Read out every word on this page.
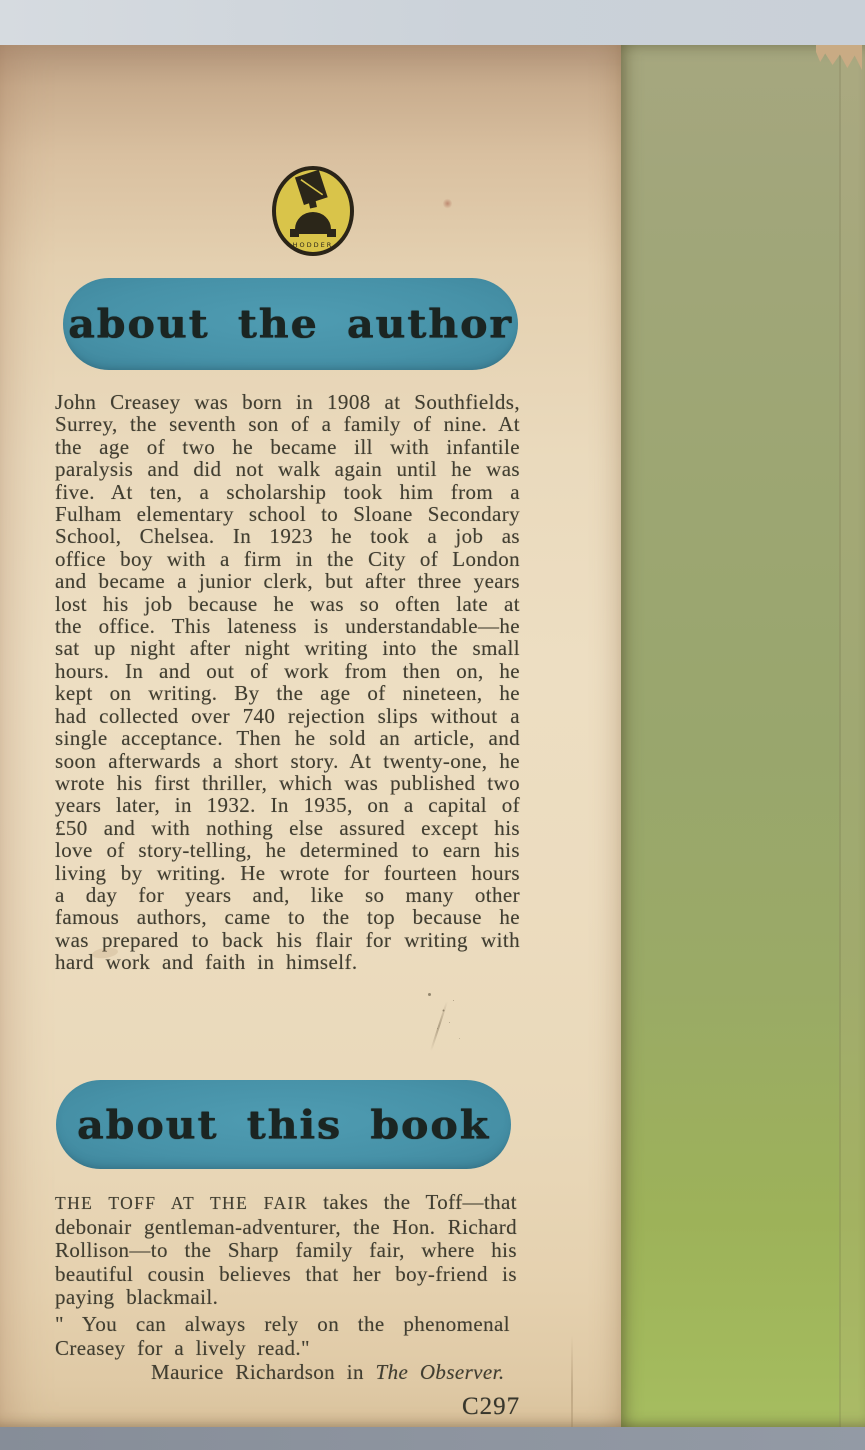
HODDER
about the author

John Creasey was born in 1908 at Southfields, Surrey, the seventh son of a family of nine. At the age of two he became ill with infantile paralysis and did not walk again until he was five. At ten, a scholarship took him from a Fulham elementary school to Sloane Secondary School, Chelsea. In 1923 he took a job as office boy with a firm in the City of London and became a junior clerk, but after three years lost his job because he was so often late at the office. This lateness is understandable—he sat up night after night writing into the small hours. In and out of work from then on, he kept on writing. By the age of nineteen, he had collected over 740 rejection slips without a single acceptance. Then he sold an article, and soon afterwards a short story. At twenty-one, he wrote his first thriller, which was published two years later, in 1932. In 1935, on a capital of £50 and with nothing else assured except his love of story-telling, he determined to earn his living by writing. He wrote for fourteen hours a day for years and, like so many other famous authors, came to the top because he was prepared to back his flair for writing with hard work and faith in himself.

about this book

THE TOFF AT THE FAIR takes the Toff—that debonair gentleman-adventurer, the Hon. Richard Rollison—to the Sharp family fair, where his beautiful cousin believes that her boy-friend is paying blackmail.

" You can always rely on the phenomenal Creasey for a lively read."

Maurice Richardson in The Observer.

C297
